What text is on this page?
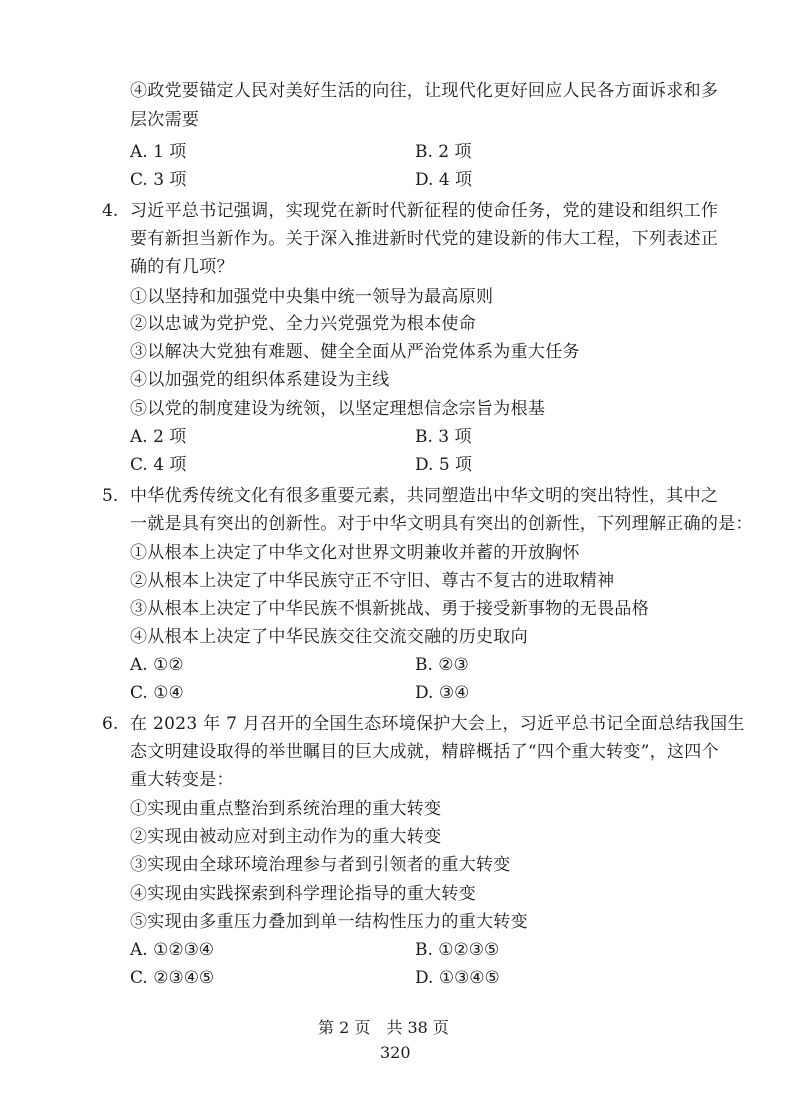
④政党要锚定人民对美好生活的向往，让现代化更好回应人民各方面诉求和多
层次需要
A. 1 项	B. 2 项
C. 3 项	D. 4 项
4. 习近平总书记强调，实现党在新时代新征程的使命任务，党的建设和组织工作
要有新担当新作为。关于深入推进新时代党的建设新的伟大工程，下列表述正
确的有几项？
①以坚持和加强党中央集中统一领导为最高原则
②以忠诚为党护党、全力兴党强党为根本使命
③以解决大党独有难题、健全全面从严治党体系为重大任务
④以加强党的组织体系建设为主线
⑤以党的制度建设为统领，以坚定理想信念宗旨为根基
A. 2 项	B. 3 项
C. 4 项	D. 5 项
5. 中华优秀传统文化有很多重要元素，共同塑造出中华文明的突出特性，其中之
一就是具有突出的创新性。对于中华文明具有突出的创新性，下列理解正确的是：
①从根本上决定了中华文化对世界文明兼收并蓄的开放胸怀
②从根本上决定了中华民族守正不守旧、尊古不复古的进取精神
③从根本上决定了中华民族不惧新挑战、勇于接受新事物的无畏品格
④从根本上决定了中华民族交往交流交融的历史取向
A. ①②	B. ②③
C. ①④	D. ③④
6. 在 2023 年 7 月召开的全国生态环境保护大会上，习近平总书记全面总结我国生
态文明建设取得的举世瞩目的巨大成就，精辟概括了“四个重大转变”，这四个
重大转变是：
①实现由重点整治到系统治理的重大转变
②实现由被动应对到主动作为的重大转变
③实现由全球环境治理参与者到引领者的重大转变
④实现由实践探索到科学理论指导的重大转变
⑤实现由多重压力叠加到单一结构性压力的重大转变
A. ①②③④	B. ①②③⑤
C. ②③④⑤	D. ①③④⑤
第 2 页　共 38 页
320
